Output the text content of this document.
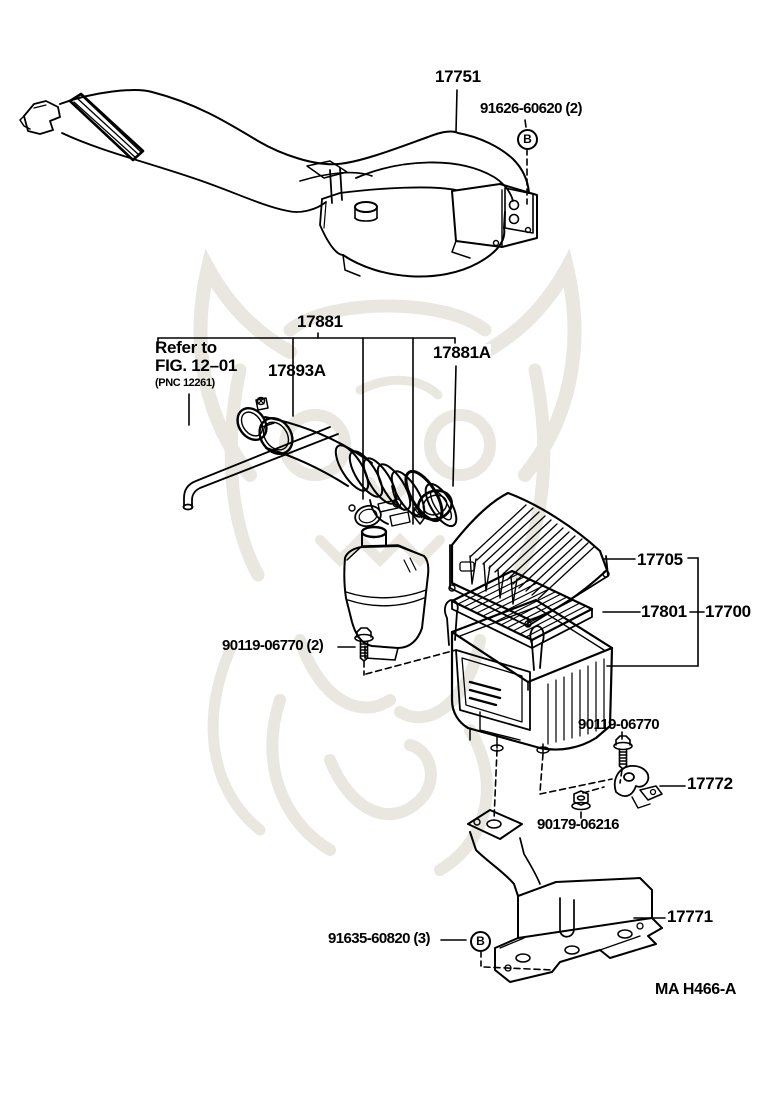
17751
91626-60620 (2)
B
17881
Refer to
FIG. 12–01
(PNC 12261)
17893A
17881A
17705
17801 17700
90119-06770 (2)
90119-06770
17772
90179-06216
17771
91635-60820 (3)	B
MA H466-A
